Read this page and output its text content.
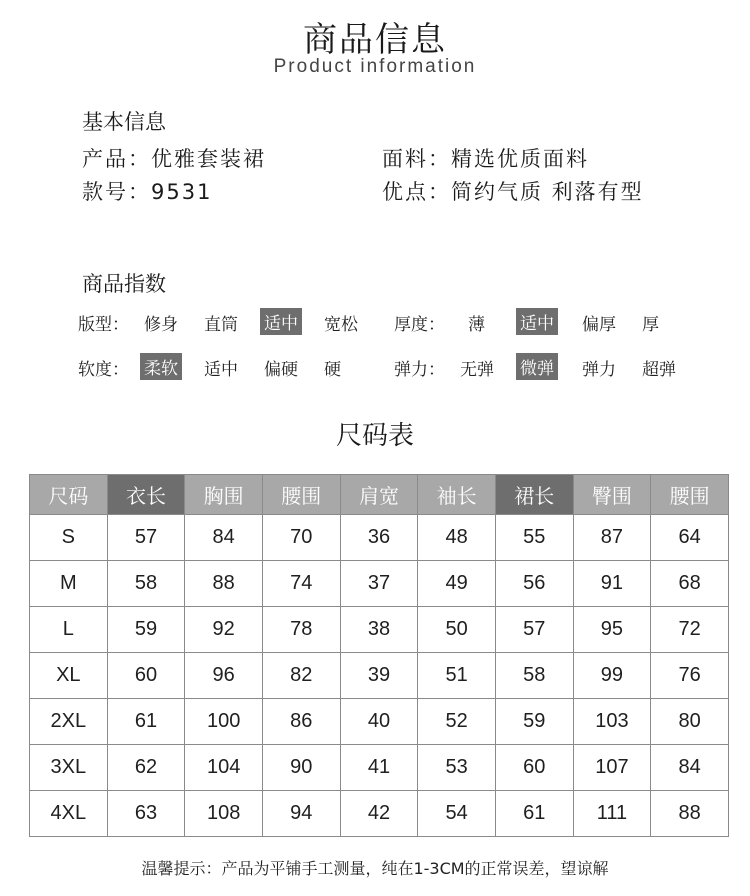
商品信息
Product information
基本信息
产品：优雅套装裙	面料：精选优质面料
款号：9531	优点：简约气质 利落有型
商品指数
版型： 修身 直筒 适中 宽松 厚度： 薄 适中 偏厚 厚
软度： 柔软 适中 偏硬 硬	弹力： 无弹 微弹 弹力 超弹
尺码表
尺码	衣长	胸围	腰围	肩宽	袖长	裙长	臀围	腰围
S	57	84	70	36	48	55	87	64
M	58	88	74	37	49	56	91	68
L	59	92	78	38	50	57	95	72
XL	60	96	82	39	51	58	99	76
2XL	61	100	86	40	52	59	103	80
3XL	62	104	90	41	53	60	107	84
4XL	63	108	94	42	54	61	111	88
温馨提示：产品为平铺手工测量，纯在1-3CM的正常误差，望谅解
